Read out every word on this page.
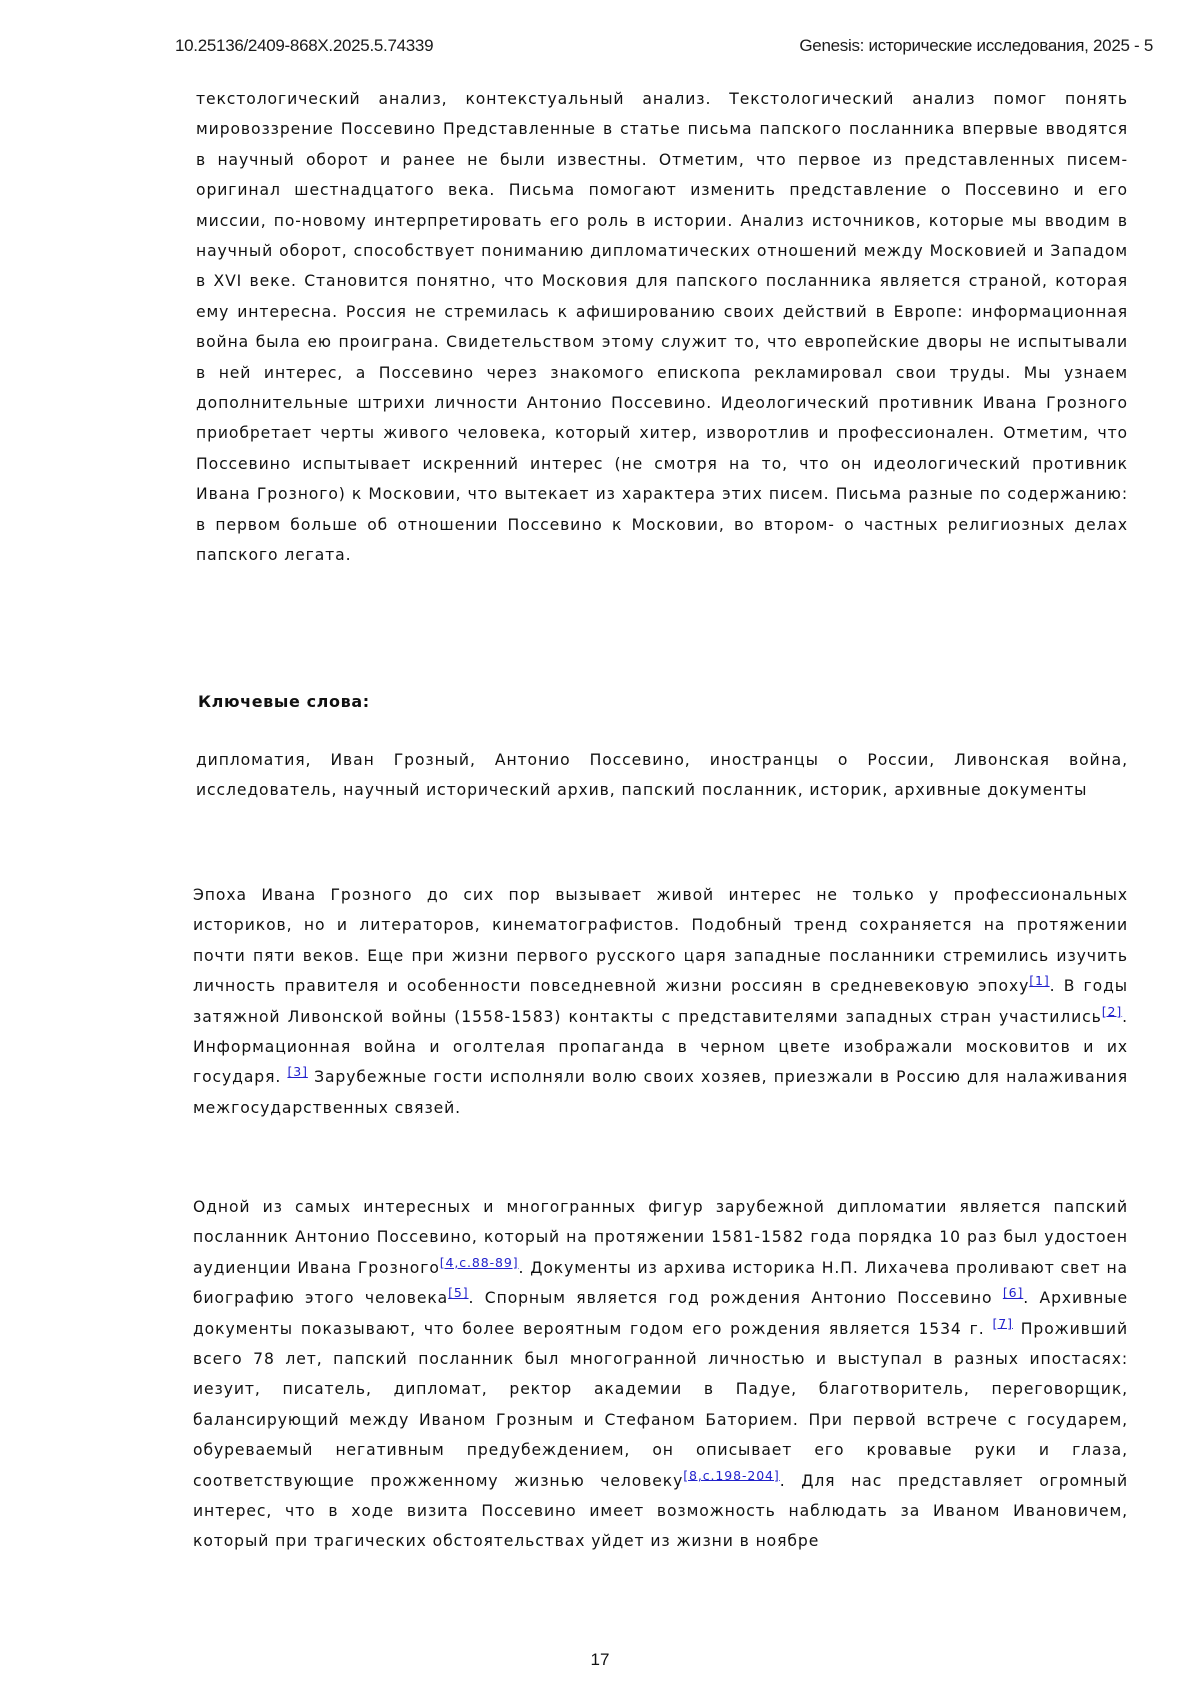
10.25136/2409-868X.2025.5.74339	Genesis: исторические исследования, 2025 - 5

текстологический анализ, контекстуальный анализ. Текстологический анализ помог понять мировоззрение Поссевино Представленные в статье письма папского посланника впервые вводятся в научный оборот и ранее не были известны. Отметим, что первое из представленных писем- оригинал шестнадцатого века. Письма помогают изменить представление о Поссевино и его миссии, по-новому интерпретировать его роль в истории. Анализ источников, которые мы вводим в научный оборот, способствует пониманию дипломатических отношений между Московией и Западом в XVI веке. Становится понятно, что Московия для папского посланника является страной, которая ему интересна. Россия не стремилась к афишированию своих действий в Европе: информационная война была ею проиграна. Свидетельством этому служит то, что европейские дворы не испытывали в ней интерес, а Поссевино через знакомого епископа рекламировал свои труды. Мы узнаем дополнительные штрихи личности Антонио Поссевино. Идеологический противник Ивана Грозного приобретает черты живого человека, который хитер, изворотлив и профессионален. Отметим, что Поссевино испытывает искренний интерес (не смотря на то, что он идеологический противник Ивана Грозного) к Московии, что вытекает из характера этих писем. Письма разные по содержанию: в первом больше об отношении Поссевино к Московии, во втором- о частных религиозных делах папского легата.

Ключевые слова:

дипломатия, Иван Грозный, Антонио Поссевино, иностранцы о России, Ливонская война, исследователь, научный исторический архив, папский посланник, историк, архивные документы

Эпоха Ивана Грозного до сих пор вызывает живой интерес не только у профессиональных историков, но и литераторов, кинематографистов. Подобный тренд сохраняется на протяжении почти пяти веков. Еще при жизни первого русского царя западные посланники стремились изучить личность правителя и особенности повседневной жизни россиян в средневековую эпоху[1]. В годы затяжной Ливонской войны (1558-1583) контакты с представителями западных стран участились[2]. Информационная война и оголтелая пропаганда в черном цвете изображали московитов и их государя. [3] Зарубежные гости исполняли волю своих хозяев, приезжали в Россию для налаживания межгосударственных связей.

Одной из самых интересных и многогранных фигур зарубежной дипломатии является папский посланник Антонио Поссевино, который на протяжении 1581-1582 года порядка 10 раз был удостоен аудиенции Ивана Грозного[4,с.88-89]. Документы из архива историка Н.П. Лихачева проливают свет на биографию этого человека[5]. Спорным является год рождения Антонио Поссевино [6]. Архивные документы показывают, что более вероятным годом его рождения является 1534 г. [7] Проживший всего 78 лет, папский посланник был многогранной личностью и выступал в разных ипостасях: иезуит, писатель, дипломат, ректор академии в Падуе, благотворитель, переговорщик, балансирующий между Иваном Грозным и Стефаном Баторием. При первой встрече с государем, обуреваемый негативным предубеждением, он описывает его кровавые руки и глаза, соответствующие прожженному жизнью человеку[8,с.198-204]. Для нас представляет огромный интерес, что в ходе визита Поссевино имеет возможность наблюдать за Иваном Ивановичем, который при трагических обстоятельствах уйдет из жизни в ноябре

17
